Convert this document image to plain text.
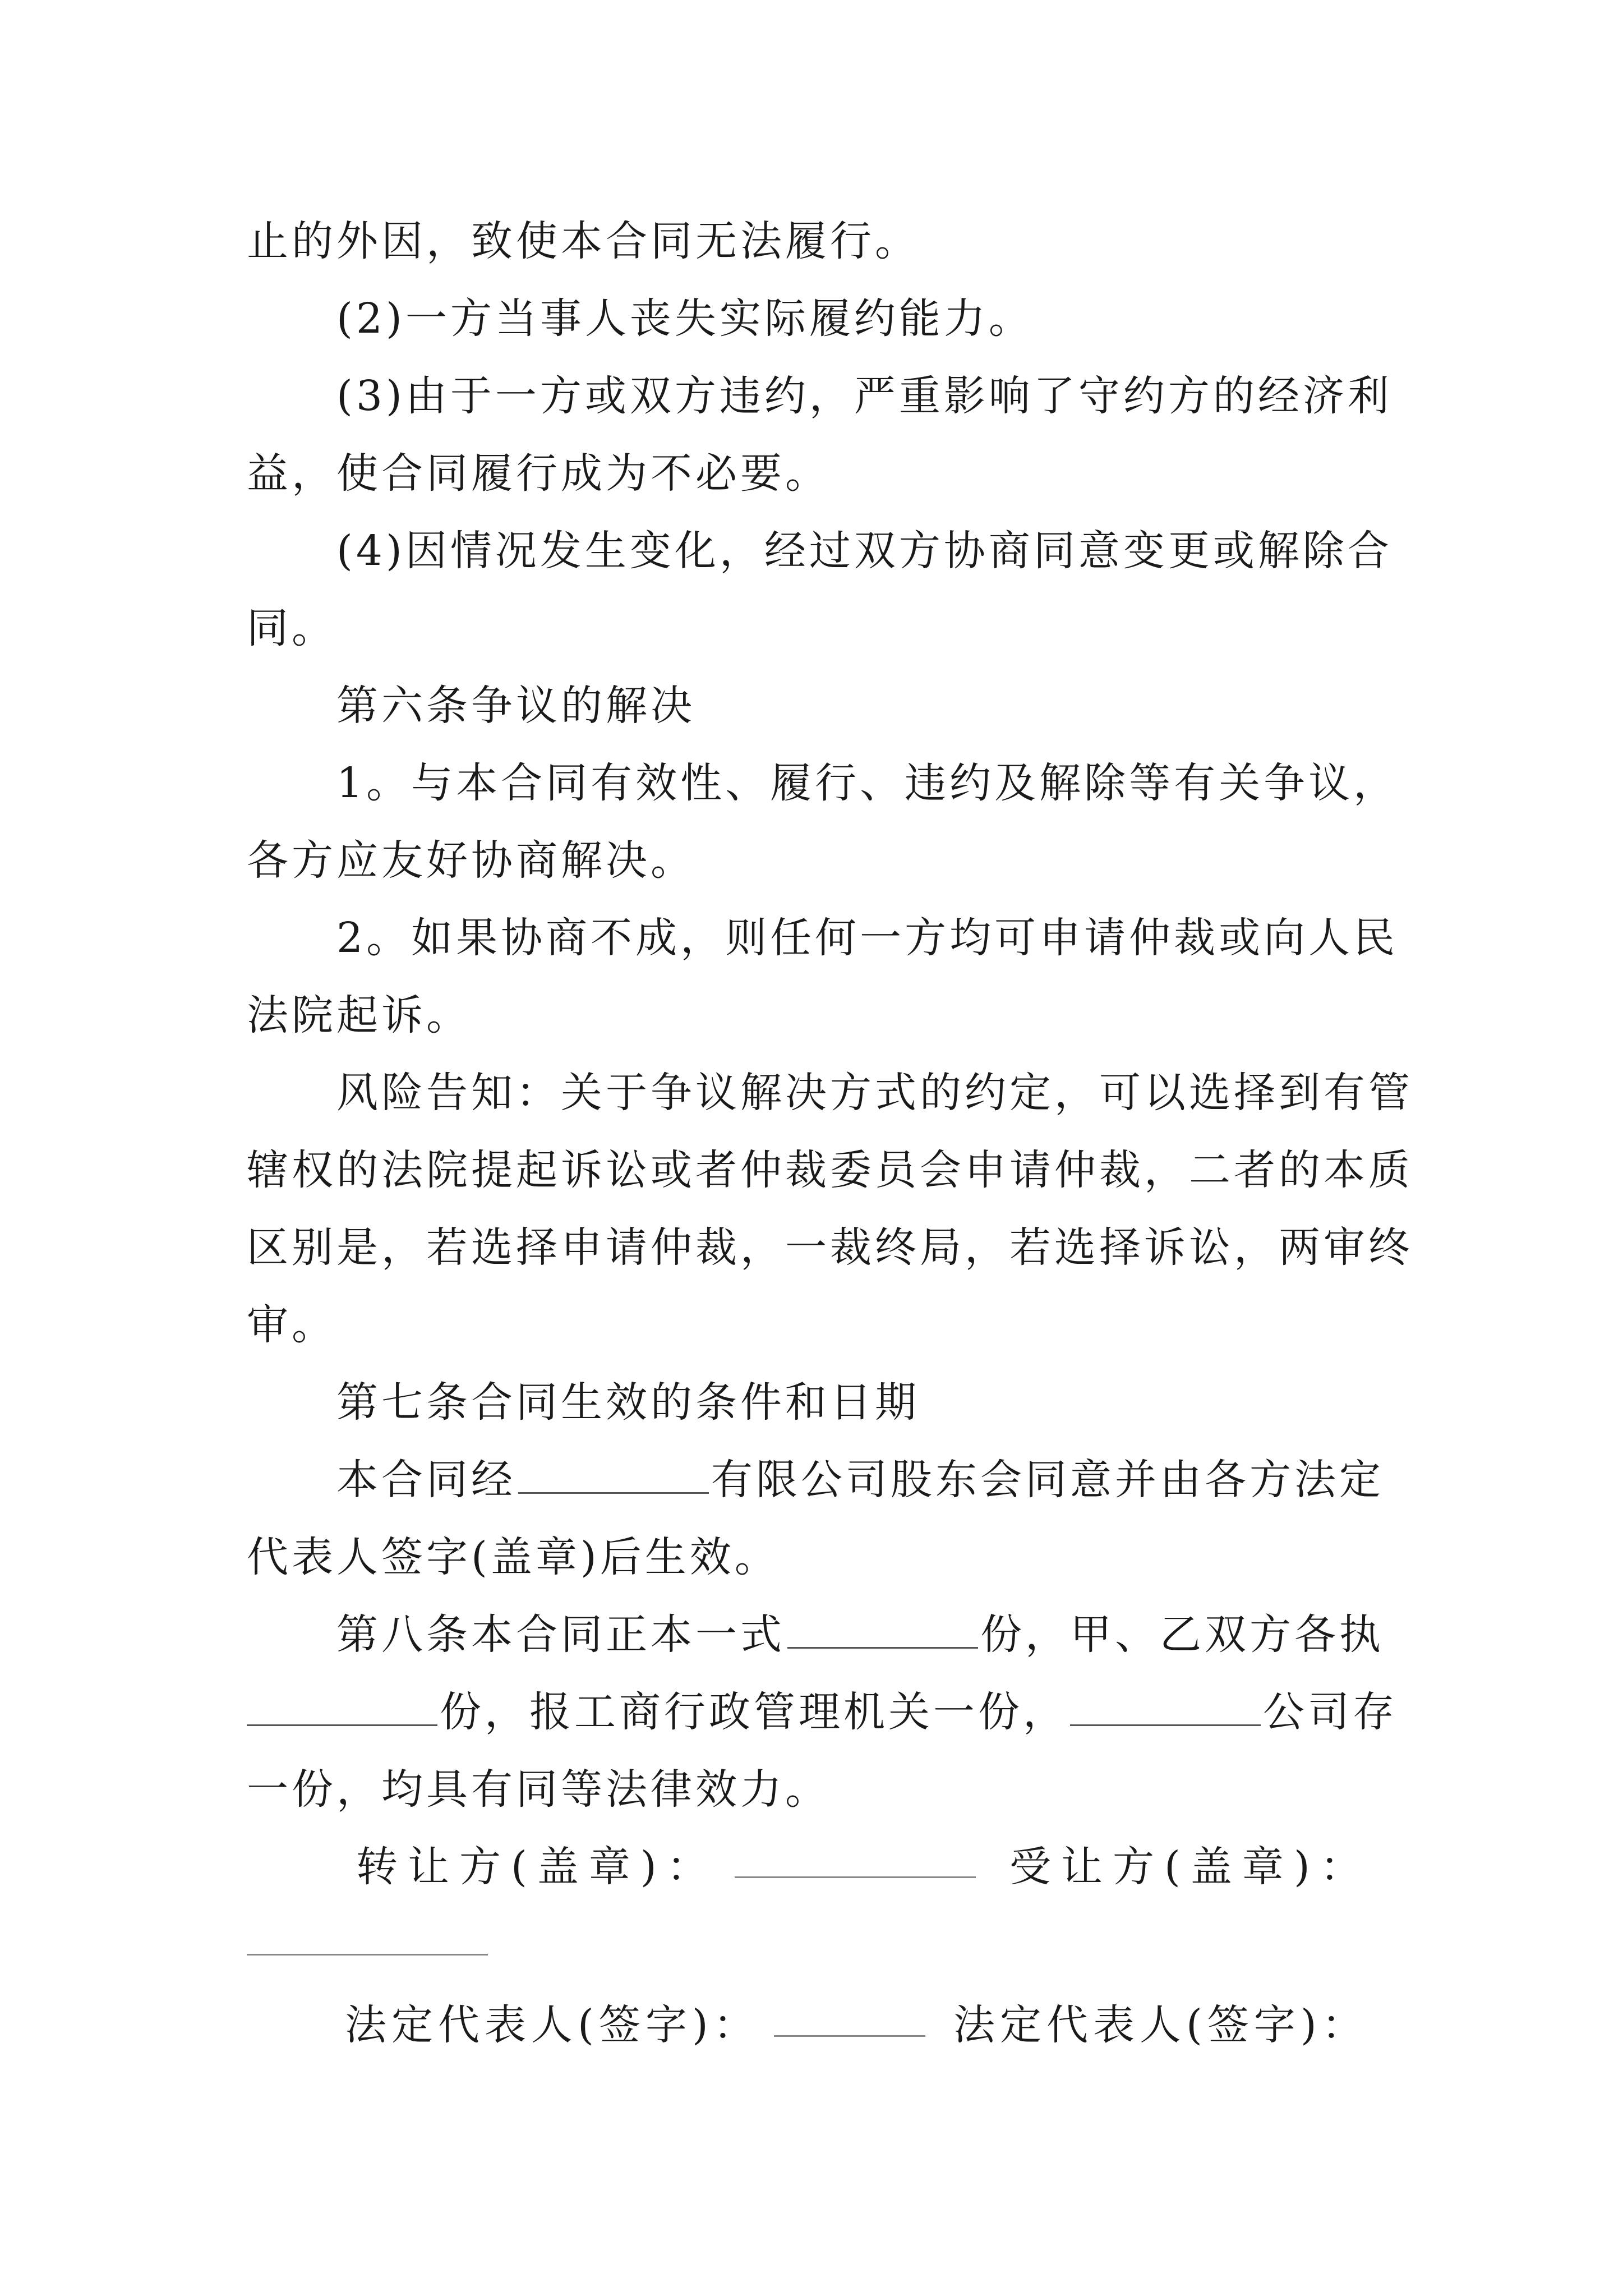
止的外因，致使本合同无法履行。
(2)一方当事人丧失实际履约能力。
(3)由于一方或双方违约，严重影响了守约方的经济利
益，使合同履行成为不必要。
(4)因情况发生变化，经过双方协商同意变更或解除合
同。
第六条争议的解决
1。与本合同有效性、履行、违约及解除等有关争议，
各方应友好协商解决。
2。如果协商不成，则任何一方均可申请仲裁或向人民
法院起诉。
风险告知：关于争议解决方式的约定，可以选择到有管
辖权的法院提起诉讼或者仲裁委员会申请仲裁，二者的本质
区别是，若选择申请仲裁，一裁终局，若选择诉讼，两审终
审。
第七条合同生效的条件和日期
本合同经	有限公司股东会同意并由各方法定
代表人签字(盖章)后生效。
第八条本合同正本一式	份，甲、乙双方各执
份，报工商行政管理机关一份，	公司存
一份，均具有同等法律效力。
转让方(盖章)：	受让方(盖章)：
法定代表人(签字)：	法定代表人(签字)：
